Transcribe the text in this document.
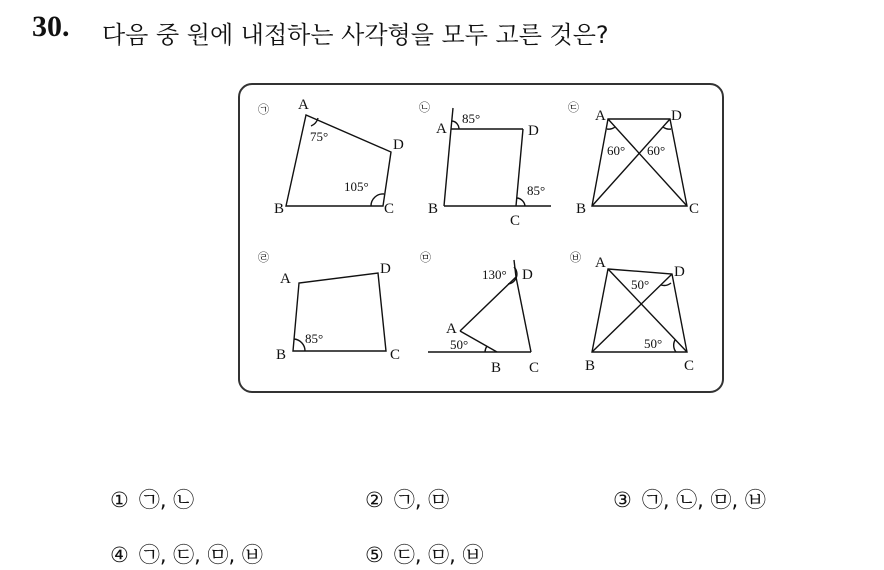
30. 다음 중 원에 내접하는 사각형을 모두 고른 것은?
㉠ A
B	C
D
75°
105°
㉡
A
B
C
D
85°
85°
㉢
A
B	C
D
60° 60°
㉣
A
B	C
D
85°
㉤
A
B C
D
130°
50°
㉥ A
B	C
D
50°
50°
① ㉠, ㉡	② ㉠, ㉤	③ ㉠, ㉡, ㉤, ㉥
④ ㉠, ㉢, ㉤, ㉥	⑤ ㉢, ㉤, ㉥
